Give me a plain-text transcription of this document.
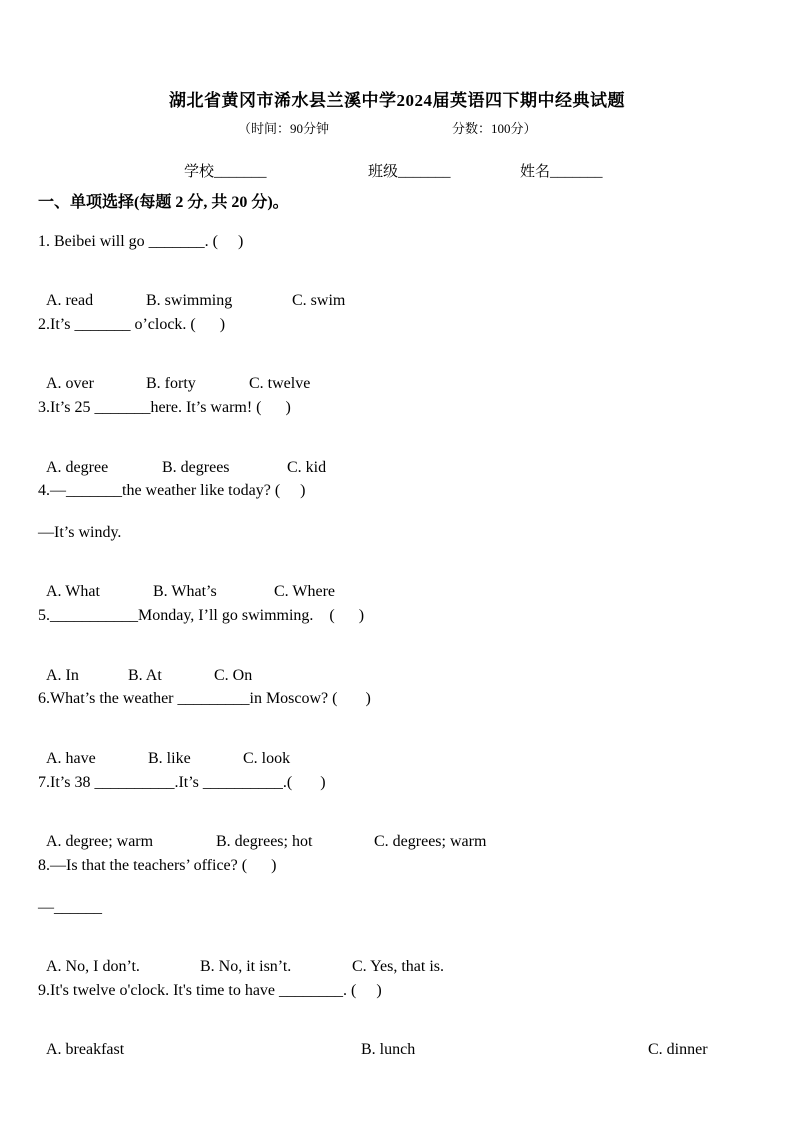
湖北省黄冈市浠水县兰溪中学2024届英语四下期中经典试题
（时间：90分钟	分数：100分）
学校_______	班级_______	姓名_______
一、单项选择(每题 2 分, 共 20 分)。
1. Beibei will go _______. (     )

A. read	B. swimming	C. swim

2.It’s _______ o’clock. (      )

A. over	B. forty	C. twelve

3.It’s 25 _______here. It’s warm! (      )

A. degree	B. degrees	C. kid

4.—_______the weather like today? (     )
—It’s windy.

A. What	B. What’s	C. Where

5.___________Monday, I’ll go swimming.    (      )

A. In	B. At	C. On

6.What’s the weather _________in Moscow? (       )

A. have	B. like	C. look

7.It’s 38 __________.It’s __________.(       )

A. degree; warm	B. degrees; hot	C. degrees; warm

8.—Is that the teachers’ office? (      )
—______

A. No, I don’t.	B. No, it isn’t.	C. Yes, that is.

9.It's twelve o'clock. It's time to have ________. (     )

A. breakfast	B. lunch	C. dinner
